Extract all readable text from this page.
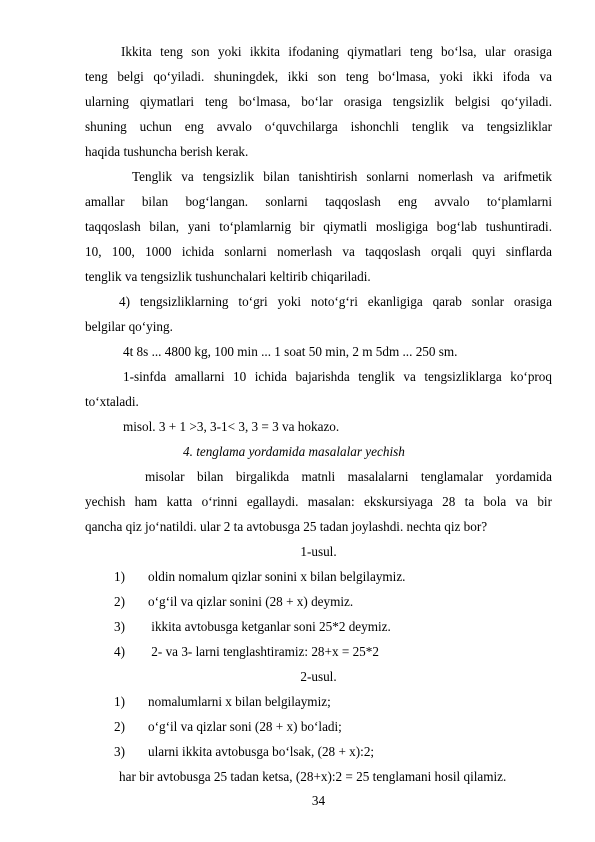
Ikkita teng son yoki ikkita ifodaning qiymatlari teng bo‘lsa, ular orasiga
teng belgi qo‘yiladi. shuningdek, ikki son teng bo‘lmasa, yoki ikki ifoda va
ularning qiymatlari teng bo‘lmasa, bo‘lar orasiga tengsizlik belgisi qo‘yiladi.
shuning uchun eng avvalo o‘quvchilarga ishonchli tenglik va tengsizliklar
haqida tushuncha berish kerak.
Tenglik va tengsizlik bilan tanishtirish sonlarni nomerlash va arifmetik
amallar bilan bog‘langan. sonlarni taqqoslash eng avvalo to‘plamlarni
taqqoslash bilan, yani to‘plamlarnig bir qiymatli mosligiga bog‘lab tushuntiradi.
10, 100, 1000 ichida sonlarni nomerlash va taqqoslash orqali quyi sinflarda
tenglik va tengsizlik tushunchalari keltirib chiqariladi.
4) tengsizliklarning to‘gri yoki noto‘g‘ri ekanligiga qarab sonlar orasiga
belgilar qo‘ying.
4t 8s ... 4800 kg, 100 min ... 1 soat 50 min, 2 m 5dm ... 250 sm.
1-sinfda amallarni 10 ichida bajarishda tenglik va tengsizliklarga ko‘proq
to‘xtaladi.
misol. 3 + 1 >3, 3-1< 3, 3 = 3 va hokazo.
4. tenglama yordamida masalalar yechish
misolar bilan birgalikda matnli masalalarni tenglamalar yordamida
yechish ham katta o‘rinni egallaydi. masalan: ekskursiyaga 28 ta bola va bir
qancha qiz jo‘natildi. ular 2 ta avtobusga 25 tadan joylashdi. nechta qiz bor?
1-usul.
1) oldin nomalum qizlar sonini x bilan belgilaymiz.
2) o‘g‘il va qizlar sonini (28 + x) deymiz.
3) ikkita avtobusga ketganlar soni 25*2 deymiz.
4) 2- va 3- larni tenglashtiramiz: 28+x = 25*2
2-usul.
1) nomalumlarni x bilan belgilaymiz;
2) o‘g‘il va qizlar soni (28 + x) bo‘ladi;
3) ularni ikkita avtobusga bo‘lsak, (28 + x):2;
har bir avtobusga 25 tadan ketsa, (28+x):2 = 25 tenglamani hosil qilamiz.
34
